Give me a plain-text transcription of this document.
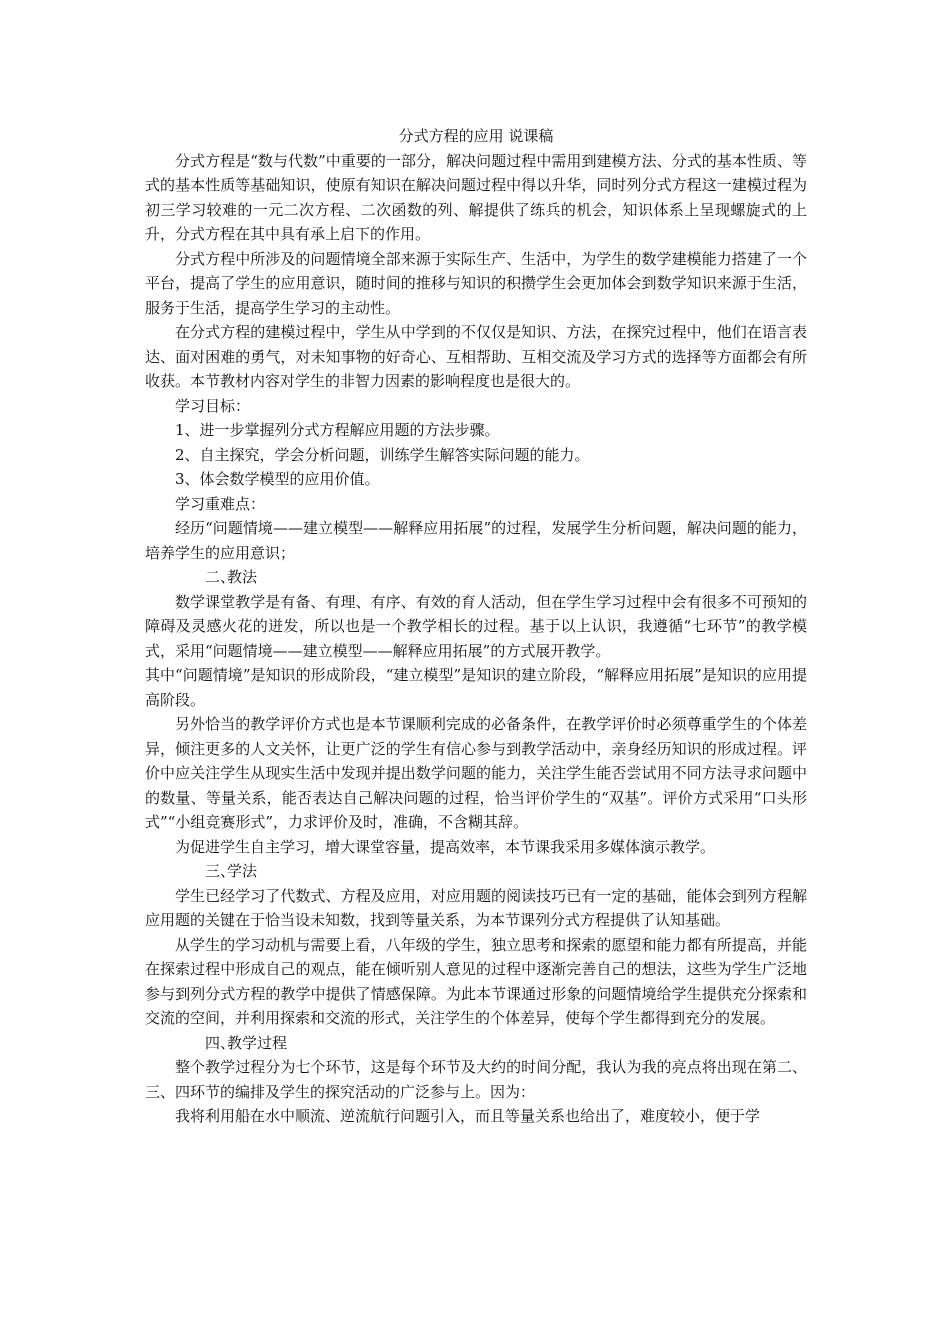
分式方程的应用 说课稿

分式方程是“数与代数”中重要的一部分，解决问题过程中需用到建模方法、分式的基本性质、等式的基本性质等基础知识，使原有知识在解决问题过程中得以升华，同时列分式方程这一建模过程为初三学习较难的一元二次方程、二次函数的列、解提供了练兵的机会，知识体系上呈现螺旋式的上升，分式方程在其中具有承上启下的作用。

分式方程中所涉及的问题情境全部来源于实际生产、生活中，为学生的数学建模能力搭建了一个平台，提高了学生的应用意识，随时间的推移与知识的积攒学生会更加体会到数学知识来源于生活，服务于生活，提高学生学习的主动性。

在分式方程的建模过程中，学生从中学到的不仅仅是知识、方法，在探究过程中，他们在语言表达、面对困难的勇气，对未知事物的好奇心、互相帮助、互相交流及学习方式的选择等方面都会有所收获。本节教材内容对学生的非智力因素的影响程度也是很大的。

学习目标：

1、进一步掌握列分式方程解应用题的方法步骤。

2、自主探究，学会分析问题，训练学生解答实际问题的能力。

3、体会数学模型的应用价值。

学习重难点：

经历“问题情境——建立模型——解释应用拓展”的过程，发展学生分析问题，解决问题的能力，培养学生的应用意识；

二、教法

数学课堂教学是有备、有理、有序、有效的育人活动，但在学生学习过程中会有很多不可预知的障碍及灵感火花的迸发，所以也是一个教学相长的过程。基于以上认识，我遵循“七环节”的教学模式，采用“问题情境——建立模型——解释应用拓展”的方式展开教学。

其中“问题情境”是知识的形成阶段，“建立模型”是知识的建立阶段，“解释应用拓展”是知识的应用提高阶段。

另外恰当的教学评价方式也是本节课顺利完成的必备条件，在教学评价时必须尊重学生的个体差异，倾注更多的人文关怀，让更广泛的学生有信心参与到教学活动中，亲身经历知识的形成过程。评价中应关注学生从现实生活中发现并提出数学问题的能力，关注学生能否尝试用不同方法寻求问题中的数量、等量关系，能否表达自己解决问题的过程，恰当评价学生的“双基”。评价方式采用“口头形式”“小组竞赛形式”，力求评价及时，准确，不含糊其辞。

为促进学生自主学习，增大课堂容量，提高效率，本节课我采用多媒体演示教学。

三、学法

学生已经学习了代数式、方程及应用，对应用题的阅读技巧已有一定的基础，能体会到列方程解应用题的关键在于恰当设未知数，找到等量关系，为本节课列分式方程提供了认知基础。

从学生的学习动机与需要上看，八年级的学生，独立思考和探索的愿望和能力都有所提高，并能在探索过程中形成自己的观点，能在倾听别人意见的过程中逐渐完善自己的想法，这些为学生广泛地参与到列分式方程的教学中提供了情感保障。为此本节课通过形象的问题情境给学生提供充分探索和交流的空间，并利用探索和交流的形式，关注学生的个体差异，使每个学生都得到充分的发展。

四、教学过程

整个教学过程分为七个环节，这是每个环节及大约的时间分配，我认为我的亮点将出现在第二、三、四环节的编排及学生的探究活动的广泛参与上。因为：

我将利用船在水中顺流、逆流航行问题引入，而且等量关系也给出了，难度较小，便于学
